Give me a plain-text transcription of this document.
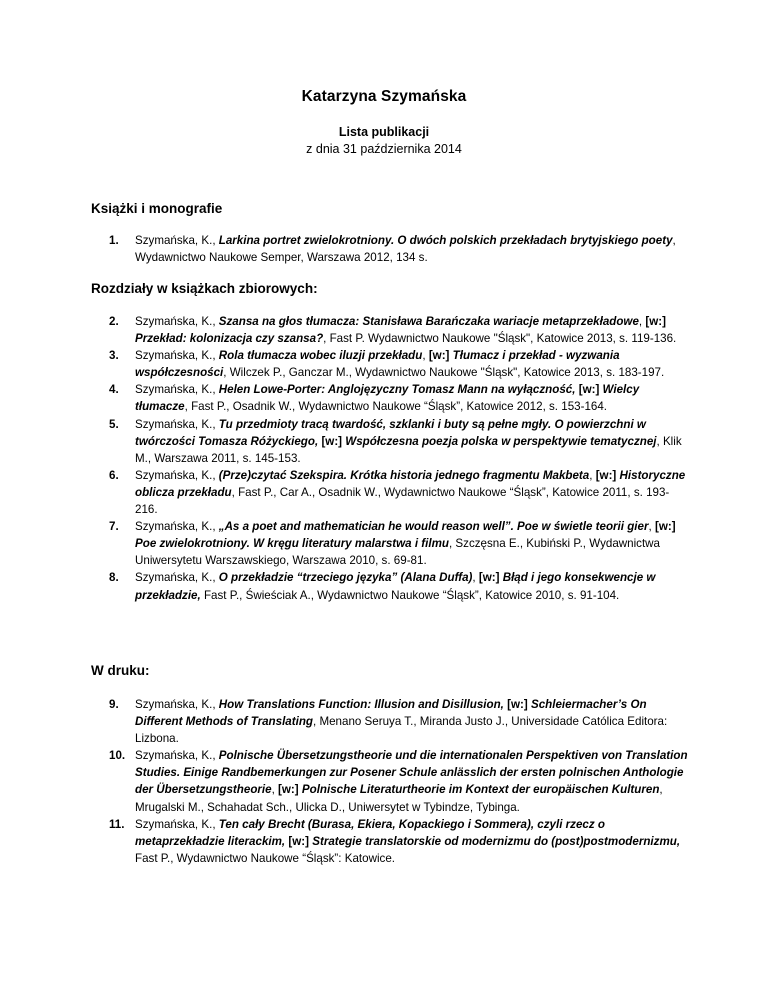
Katarzyna Szymańska
Lista publikacji
z dnia 31 października 2014
Książki i monografie
1.	Szymańska, K., Larkina portret zwielokrotniony. O dwóch polskich przekładach brytyjskiego poety, Wydawnictwo Naukowe Semper, Warszawa 2012, 134 s.
Rozdziały w książkach zbiorowych:
2.	Szymańska, K., Szansa na głos tłumacza: Stanisława Barańczaka wariacje metaprzekładowe, [w:] Przekład: kolonizacja czy szansa?, Fast P. Wydawnictwo Naukowe "Śląsk", Katowice 2013, s. 119-136.
3.	Szymańska, K., Rola tłumacza wobec iluzji przekładu, [w:] Tłumacz i przekład - wyzwania współczesności, Wilczek P., Ganczar M., Wydawnictwo Naukowe "Śląsk", Katowice 2013, s. 183-197.
4.	Szymańska, K., Helen Lowe-Porter: Anglojęzyczny Tomasz Mann na wyłączność, [w:] Wielcy tłumacze, Fast P., Osadnik W., Wydawnictwo Naukowe “Śląsk”, Katowice 2012, s. 153-164.
5.	Szymańska, K., Tu przedmioty tracą twardość, szklanki i buty są pełne mgły. O powierzchni w twórczości Tomasza Różyckiego, [w:] Współczesna poezja polska w perspektywie tematycznej, Klik M., Warszawa 2011, s. 145-153.
6.	Szymańska, K., (Prze)czytać Szekspira. Krótka historia jednego fragmentu Makbeta, [w:] Historyczne oblicza przekładu, Fast P., Car A., Osadnik W., Wydawnictwo Naukowe “Śląsk”, Katowice 2011, s. 193-216.
7.	Szymańska, K., „As a poet and mathematician he would reason well”. Poe w świetle teorii gier, [w:] Poe zwielokrotniony. W kręgu literatury malarstwa i filmu, Szczęsna E., Kubiński P., Wydawnictwa Uniwersytetu Warszawskiego, Warszawa 2010, s. 69-81.
8.	Szymańska, K., O przekładzie “trzeciego języka” (Alana Duffa), [w:] Błąd i jego konsekwencje w przekładzie, Fast P., Świeściak A., Wydawnictwo Naukowe “Śląsk”, Katowice 2010, s. 91-104.
W druku:
9.	Szymańska, K., How Translations Function: Illusion and Disillusion, [w:] Schleiermacher’s On Different Methods of Translating, Menano Seruya T., Miranda Justo J., Universidade Católica Editora: Lizbona.
10. Szymańska, K., Polnische Übersetzungstheorie und die internationalen Perspektiven von Translation Studies. Einige Randbemerkungen zur Posener Schule anlässlich der ersten polnischen Anthologie der Übersetzungstheorie, [w:] Polnische Literaturtheorie im Kontext der europäischen Kulturen, Mrugalski M., Schahadat Sch., Ulicka D., Uniwersytet w Tybindze, Tybinga.
11. Szymańska, K., Ten cały Brecht (Burasa, Ekiera, Kopackiego i Sommera), czyli rzecz o metaprzekładzie literackim, [w:] Strategie translatorskie od modernizmu do (post)postmodernizmu, Fast P., Wydawnictwo Naukowe “Śląsk”: Katowice.
